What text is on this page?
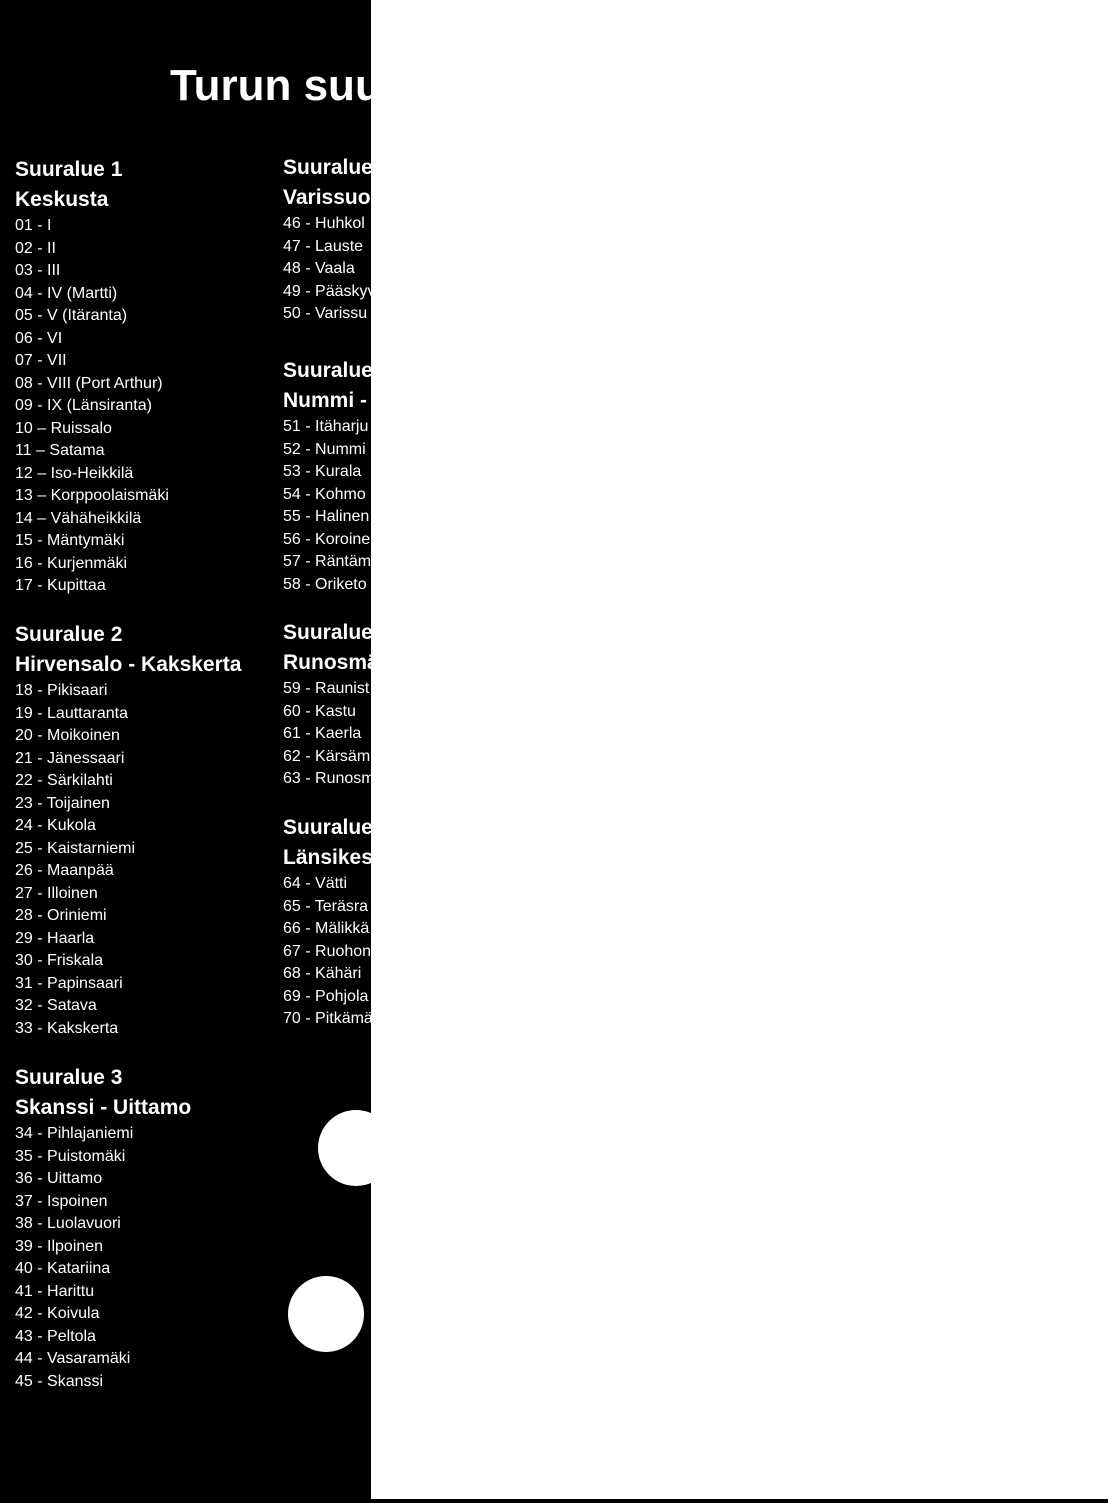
Turun suu
Suuralue 1
Keskusta
01 - I
02 - II
03 - III
04 - IV (Martti)
05 - V (Itäranta)
06 - VI
07 - VII
08 - VIII (Port Arthur)
09 - IX (Länsiranta)
10 – Ruissalo
11 – Satama
12 – Iso-Heikkilä
13 – Korppoolaismäki
14 – Vähäheikkilä
15 - Mäntymäki
16 - Kurjenmäki
17 - Kupittaa
Suuralue 2
Hirvensalo - Kakskerta
18 - Pikisaari
19 - Lauttaranta
20 - Moikoinen
21 - Jänessaari
22 - Särkilahti
23 - Toijainen
24 - Kukola
25 - Kaistarniemi
26 - Maanpää
27 - Illoinen
28 - Oriniemi
29 - Haarla
30 - Friskala
31 - Papinsaari
32 - Satava
33 - Kakskerta
Suuralue 3
Skanssi - Uittamo
34 - Pihlajaniemi
35 - Puistomäki
36 - Uittamo
37 - Ispoinen
38 - Luolavuori
39 - Ilpoinen
40 - Katariina
41 - Harittu
42 - Koivula
43 - Peltola
44 - Vasaramäki
45 - Skanssi
Suuralue
Varissuo
46 - Huhkol
47 - Lauste
48 - Vaala
49 - Pääskyv
50 - Varissu
Suuralue
Nummi -
51 - Itäharju
52 - Nummi
53 - Kurala
54 - Kohmo
55 - Halinen
56 - Koroine
57 - Räntäm
58 - Oriketo
Suuralue
Runosmä
59 - Raunist
60 - Kastu
61 - Kaerla
62 - Kärsäm
63 - Runosm
Suuralue
Länsikesk
64 - Vätti
65 - Teräsra
66 - Mälikkä
67 - Ruohon
68 - Kähäri
69 - Pohjola
70 - Pitkämä
